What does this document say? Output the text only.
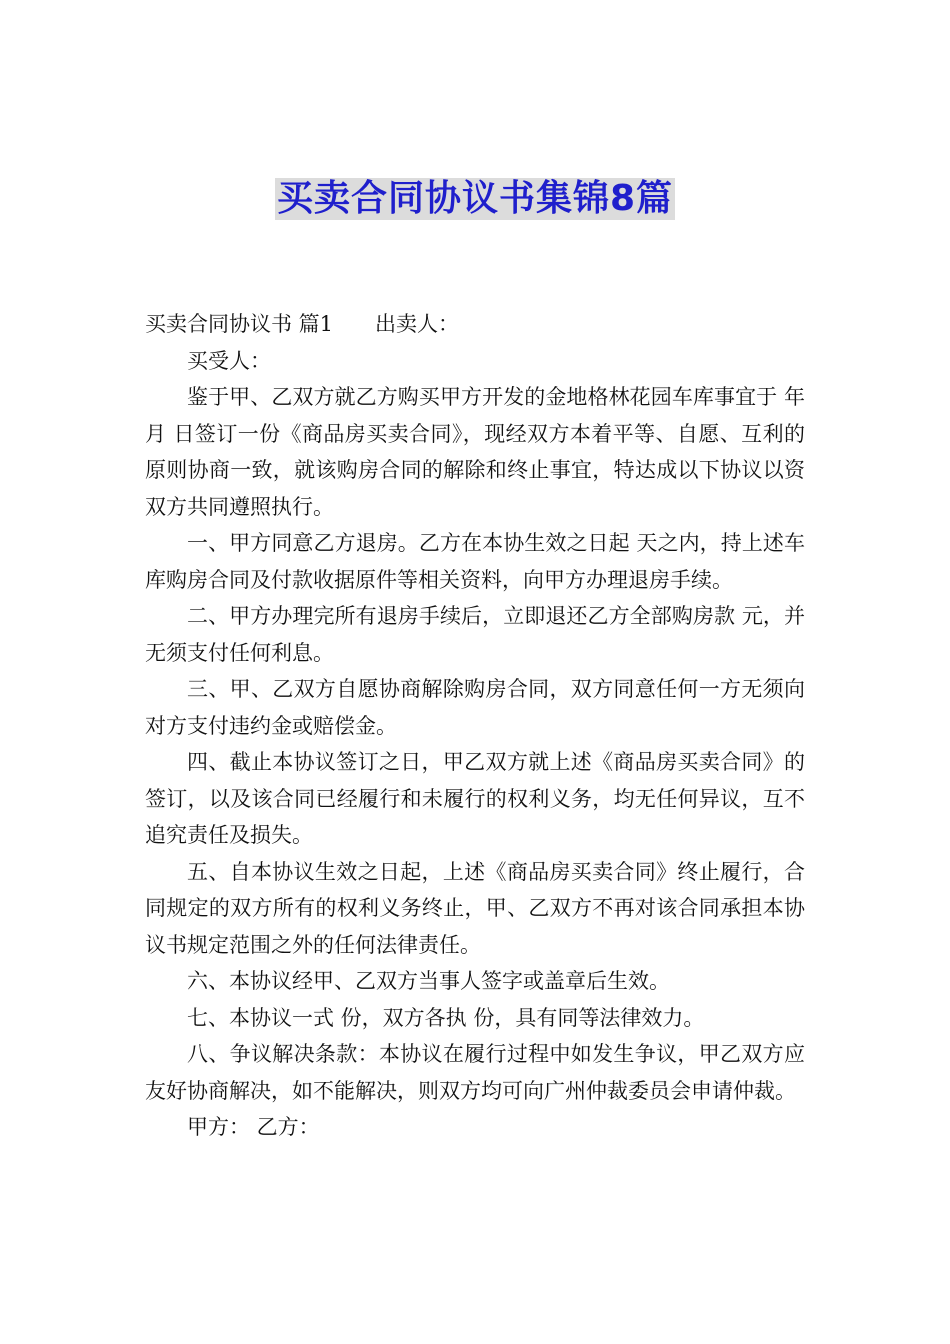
买卖合同协议书集锦8篇

买卖合同协议书 篇1 出卖人：

买受人：

鉴于甲、乙双方就乙方购买甲方开发的金地格林花园车库事宜于 年 月 日签订一份《商品房买卖合同》，现经双方本着平等、自愿、互利的原则协商一致，就该购房合同的解除和终止事宜，特达成以下协议以资双方共同遵照执行。

一、甲方同意乙方退房。乙方在本协生效之日起 天之内，持上述车库购房合同及付款收据原件等相关资料，向甲方办理退房手续。

二、甲方办理完所有退房手续后，立即退还乙方全部购房款 元，并无须支付任何利息。

三、甲、乙双方自愿协商解除购房合同，双方同意任何一方无须向对方支付违约金或赔偿金。

四、截止本协议签订之日，甲乙双方就上述《商品房买卖合同》的签订，以及该合同已经履行和未履行的权利义务，均无任何异议，互不追究责任及损失。

五、自本协议生效之日起，上述《商品房买卖合同》终止履行，合同规定的双方所有的权利义务终止，甲、乙双方不再对该合同承担本协议书规定范围之外的任何法律责任。

六、本协议经甲、乙双方当事人签字或盖章后生效。

七、本协议一式 份，双方各执 份，具有同等法律效力。

八、争议解决条款：本协议在履行过程中如发生争议，甲乙双方应友好协商解决，如不能解决，则双方均可向广州仲裁委员会申请仲裁。

甲方： 乙方：
